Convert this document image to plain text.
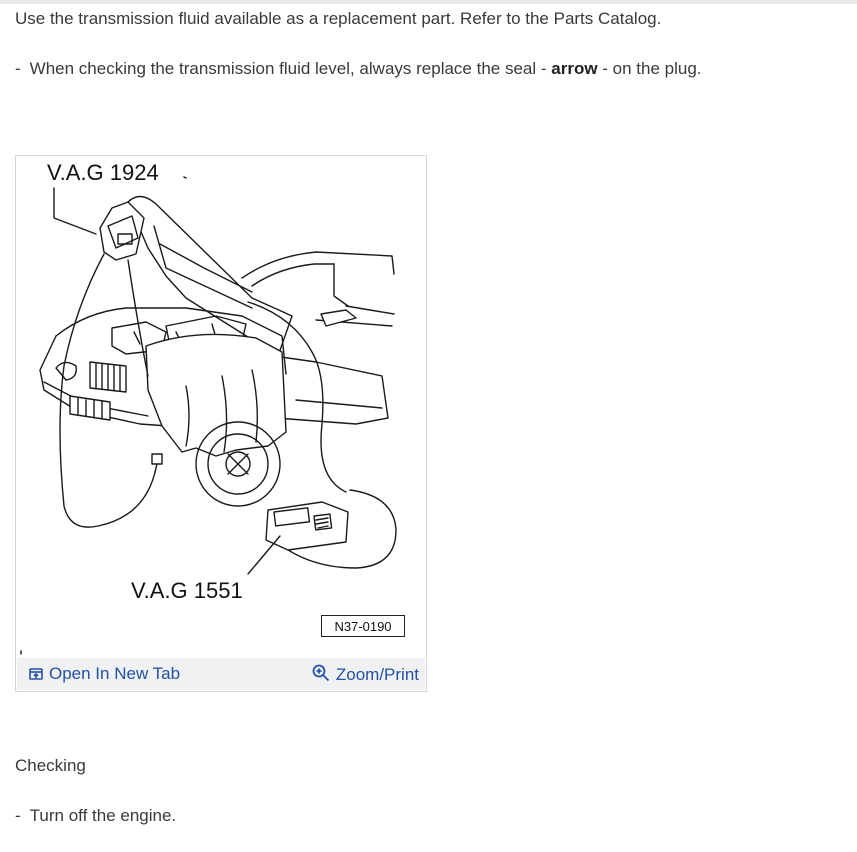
Use the transmission fluid available as a replacement part. Refer to the Parts Catalog.
- When checking the transmission fluid level, always replace the seal - arrow - on the plug.
V.A.G 1924
V.A.G 1551
N37-0190
Open In New Tab	Zoom/Print
Checking
- Turn off the engine.
